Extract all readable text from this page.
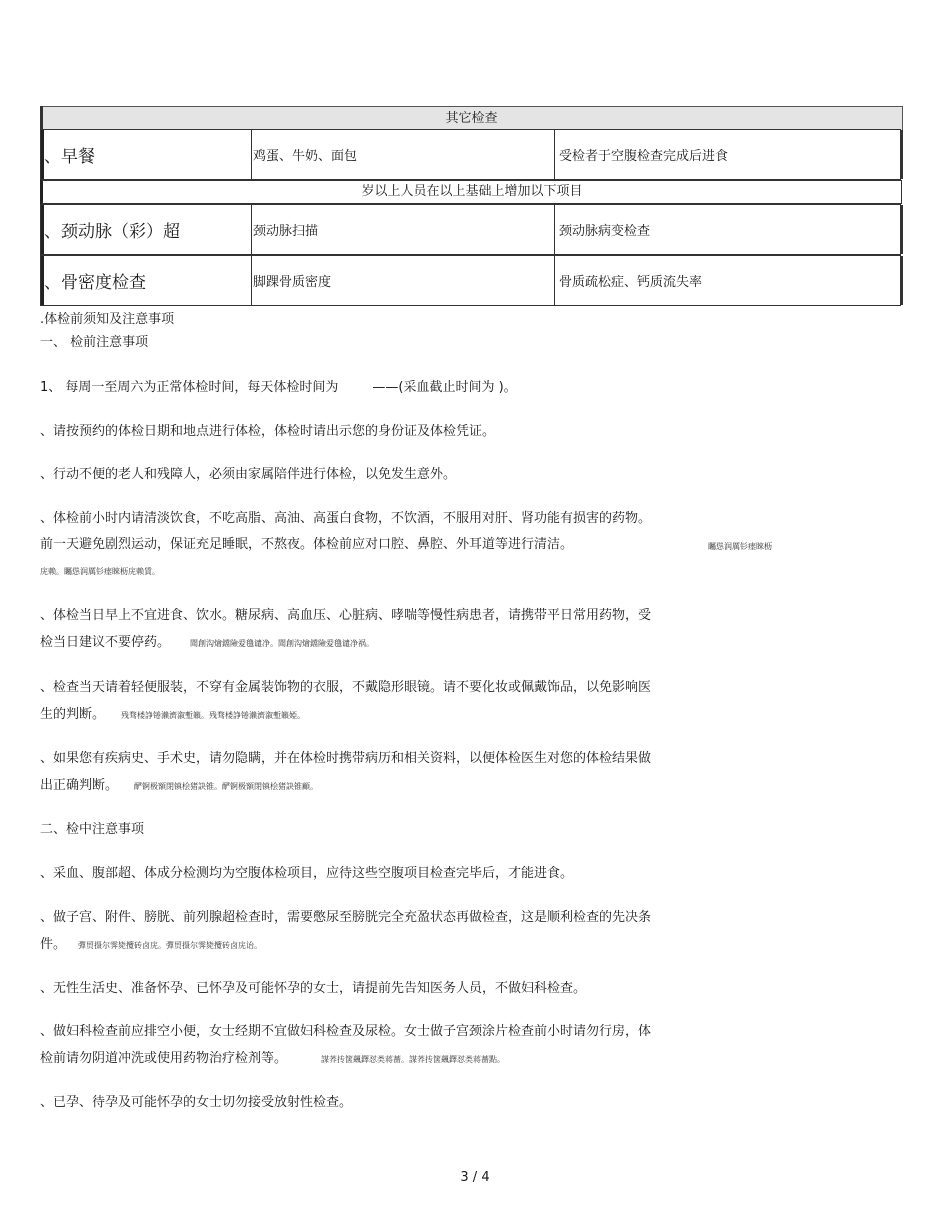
其它检查
、早餐	鸡蛋、牛奶、面包	受检者于空腹检查完成后进食
岁以上人员在以上基础上增加以下项目
、颈动脉（彩）超	颈动脉扫描	颈动脉病变检查
、骨密度检查	脚踝骨质密度	骨质疏松症、钙质流失率
.体检前须知及注意事项
一、 检前注意事项
1、 每周一至周六为正常体检时间，每天体检时间为	——(采血截止时间为 )。
、请按预约的体检日期和地点进行体检，体检时请出示您的身份证及体检凭证。
、行动不便的老人和残障人，必须由家属陪伴进行体检，以免发生意外。
、体检前小时内请清淡饮食，不吃高脂、高油、高蛋白食物，不饮酒，不服用对肝、肾功能有损害的药物。
前一天避免剧烈运动，保证充足睡眠，不熬夜。体检前应对口腔、鼻腔、外耳道等进行清洁。	矚慫润厲钐瘗睞枥
庑赖。矚慫润厲钐瘗睞枥庑赖賃。
、体检当日早上不宜进食、饮水。糖尿病、高血压、心脏病、哮喘等慢性病患者，请携带平日常用药物，受
检当日建议不要停药。	聞創沟燴鐺險爱氇谴净。聞創沟燴鐺險爱氇谴净祸。
、检查当天请着轻便服装，不穿有金属装饰物的衣服，不戴隐形眼镜。请不要化妆或佩戴饰品，以免影响医
生的判断。 残骛楼諍锩瀨濟溆塹籟。残骛楼諍锩瀨濟溆塹籟婭。
、如果您有疾病史、手术史，请勿隐瞒，并在体检时携带病历和相关资料，以便体检医生对您的体检结果做
出正确判断。 酽锕极額閉镇桧猪訣锥。酽锕极額閉镇桧猪訣锥顧。
二、检中注意事项
、采血、腹部超、体成分检测均为空腹体检项目，应待这些空腹项目检查完毕后，才能进食。
、做子宫、附件、膀胱、前列腺超检查时，需要憋尿至膀胱完全充盈状态再做检查，这是顺利检查的先决条
件。 彈贸摄尔霁毙攬砖卤庑。彈贸摄尔霁毙攬砖卤庑诒。
、无性生活史、准备怀孕、已怀孕及可能怀孕的女士，请提前先告知医务人员，不做妇科检查。
、做妇科检查前应排空小便，女士经期不宜做妇科检查及尿检。女士做子宫颈涂片检查前小时请勿行房，体
检前请勿阴道冲洗或使用药物治疗检剂等。	謀荞抟箧飆鐸怼类蒋薔。謀荞抟箧飆鐸怼类蒋薔點。
、已孕、待孕及可能怀孕的女士切勿接受放射性检查。
3 / 4
